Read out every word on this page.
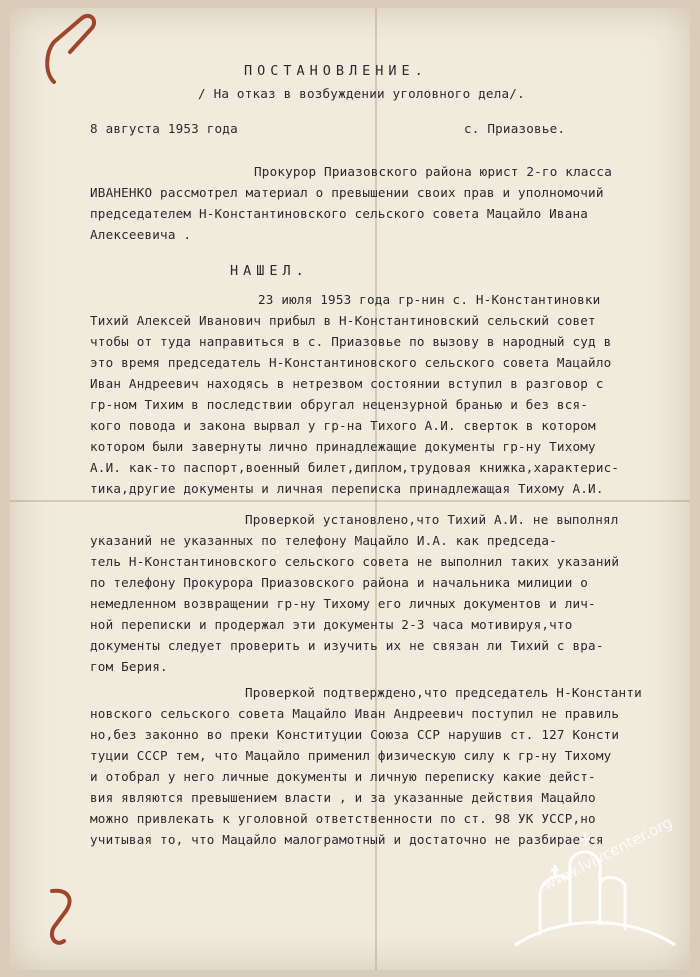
ПОСТАНОВЛЕНИЕ.
/ На отказ в возбуждении уголовного дела/.
8 августа 1953 года	с. Приазовье.
Прокурор Приазовского района юрист 2-го класса
ИВАНЕНКО рассмотрел материал о превышении своих прав и уполномочий
председателем Н-Константиновского сельского совета Мацайло Ивана
Алексеевича .
НАШЕЛ.
23 июля 1953 года гр-нин с. Н-Константиновки
Тихий Алексей Иванович прибыл в Н-Константиновский сельский совет
чтобы от туда направиться в с. Приазовье по вызову в народный суд в
это время председатель Н-Константиновского сельского совета Мацайло
Иван Андреевич находясь в нетрезвом состоянии вступил в разговор с
гр-ном Тихим в последствии обругал нецензурной бранью и без вся-
кого повода и закона вырвал у гр-на Тихого А.И. сверток в котором
котором были завернуты лично принадлежащие документы гр-ну Тихому
А.И. как-то паспорт,военный билет,диплом,трудовая книжка,характерис-
тика,другие документы и личная переписка принадлежащая Тихому А.И.
Проверкой установлено,что Тихий А.И. не выполнял
указаний не указанных по телефону Мацайло И.А. как председа-
тель Н-Константиновского сельского совета не выполнил таких указаний
по телефону Прокурора Приазовского района и начальника милиции о
немедленном возвращении гр-ну Тихому его личных документов и лич-
ной переписки и продержал эти документы 2-3 часа мотивируя,что
документы следует проверить и изучить их не связан ли Тихий с вра-
гом Берия.
Проверкой подтверждено,что председатель Н-Константи
новского сельского совета Мацайло Иван Андреевич поступил не правиль
но,без законно во преки Конституции Союза ССР нарушив ст. 127 Консти
туции СССР тем, что Мацайло применил физическую силу к гр-ну Тихому
и отобрал у него личные документы и личную переписку какие дейст-
вия являются превышением власти , и за указанные действия Мацайло
можно привлекать к уголовной ответственности по ст. 98 УК УССР,но
учитывая то, что Мацайло малограмотный и достаточно не разбирается
www.lvivcenter.org
